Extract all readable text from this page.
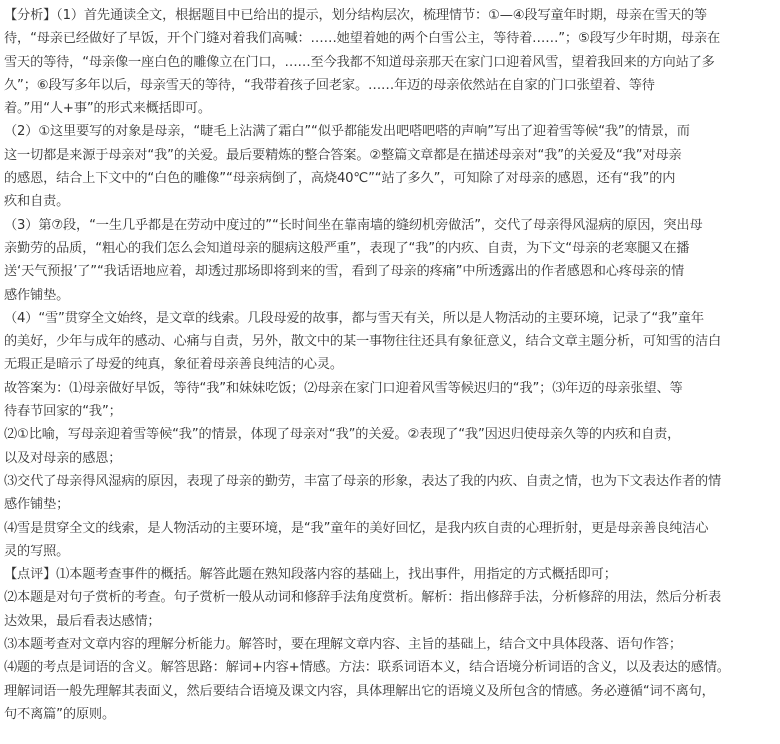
【分析】（1）首先通读全文，根据题目中已给出的提示，划分结构层次，梳理情节：①—④段写童年时期，母亲在雪天的等
待，“母亲已经做好了早饭，开个门缝对着我们高喊：……她望着她的两个白雪公主，等待着……”；⑤段写少年时期，母亲在
雪天的等待，“母亲像一座白色的雕像立在门口，……至今我都不知道母亲那天在家门口迎着风雪，望着我回来的方向站了多
久”；⑥段写多年以后，母亲雪天的等待，“我带着孩子回老家。……年迈的母亲依然站在自家的门口张望着、等待
着。”用“人+事”的形式来概括即可。
（2）①这里要写的对象是母亲，“睫毛上沾满了霜白”“似乎都能发出吧嗒吧嗒的声响”写出了迎着雪等候“我”的情景，而
这一切都是来源于母亲对“我”的关爱。最后要精炼的整合答案。②整篇文章都是在描述母亲对“我”的关爱及“我”对母亲
的感恩，结合上下文中的“白色的雕像”“母亲病倒了，高烧40℃”“站了多久”，可知除了对母亲的感恩，还有“我”的内
疚和自责。
（3）第⑦段，“一生几乎都是在劳动中度过的”“长时间坐在靠南墙的缝纫机旁做活”，交代了母亲得风湿病的原因，突出母
亲勤劳的品质，“粗心的我们怎么会知道母亲的腿病这般严重”，表现了“我”的内疚、自责，为下文“母亲的老寒腿又在播
送‘天气预报’了”“我话语地应着，却透过那场即将到来的雪，看到了母亲的疼痛”中所透露出的作者感恩和心疼母亲的情
感作铺垫。
（4）“雪”贯穿全文始终，是文章的线索。几段母爱的故事，都与雪天有关，所以是人物活动的主要环境，记录了“我”童年
的美好，少年与成年的感动、心痛与自责，另外，散文中的某一事物往往还具有象征意义，结合文章主题分析，可知雪的洁白
无瑕正是暗示了母爱的纯真，象征着母亲善良纯洁的心灵。
故答案为：⑴母亲做好早饭，等待“我”和妹妹吃饭；⑵母亲在家门口迎着风雪等候迟归的“我”；⑶年迈的母亲张望、等
待春节回家的“我”；
⑵①比喻，写母亲迎着雪等候“我”的情景，体现了母亲对“我”的关爱。②表现了“我”因迟归使母亲久等的内疚和自责，
以及对母亲的感恩；
⑶交代了母亲得风湿病的原因，表现了母亲的勤劳，丰富了母亲的形象，表达了我的内疚、自责之情，也为下文表达作者的情
感作铺垫；
⑷雪是贯穿全文的线索，是人物活动的主要环境，是“我”童年的美好回忆，是我内疚自责的心理折射，更是母亲善良纯洁心
灵的写照。
【点评】⑴本题考查事件的概括。解答此题在熟知段落内容的基础上，找出事件，用指定的方式概括即可；
⑵本题是对句子赏析的考查。句子赏析一般从动词和修辞手法角度赏析。解析：指出修辞手法，分析修辞的用法，然后分析表
达效果，最后看表达感情；
⑶本题考查对文章内容的理解分析能力。解答时，要在理解文章内容、主旨的基础上，结合文中具体段落、语句作答；
⑷题的考点是词语的含义。解答思路：解词+内容+情感。方法：联系词语本义，结合语境分析词语的含义，以及表达的感情。
理解词语一般先理解其表面义，然后要结合语境及课文内容，具体理解出它的语境义及所包含的情感。务必遵循“词不离句，
句不离篇”的原则。
